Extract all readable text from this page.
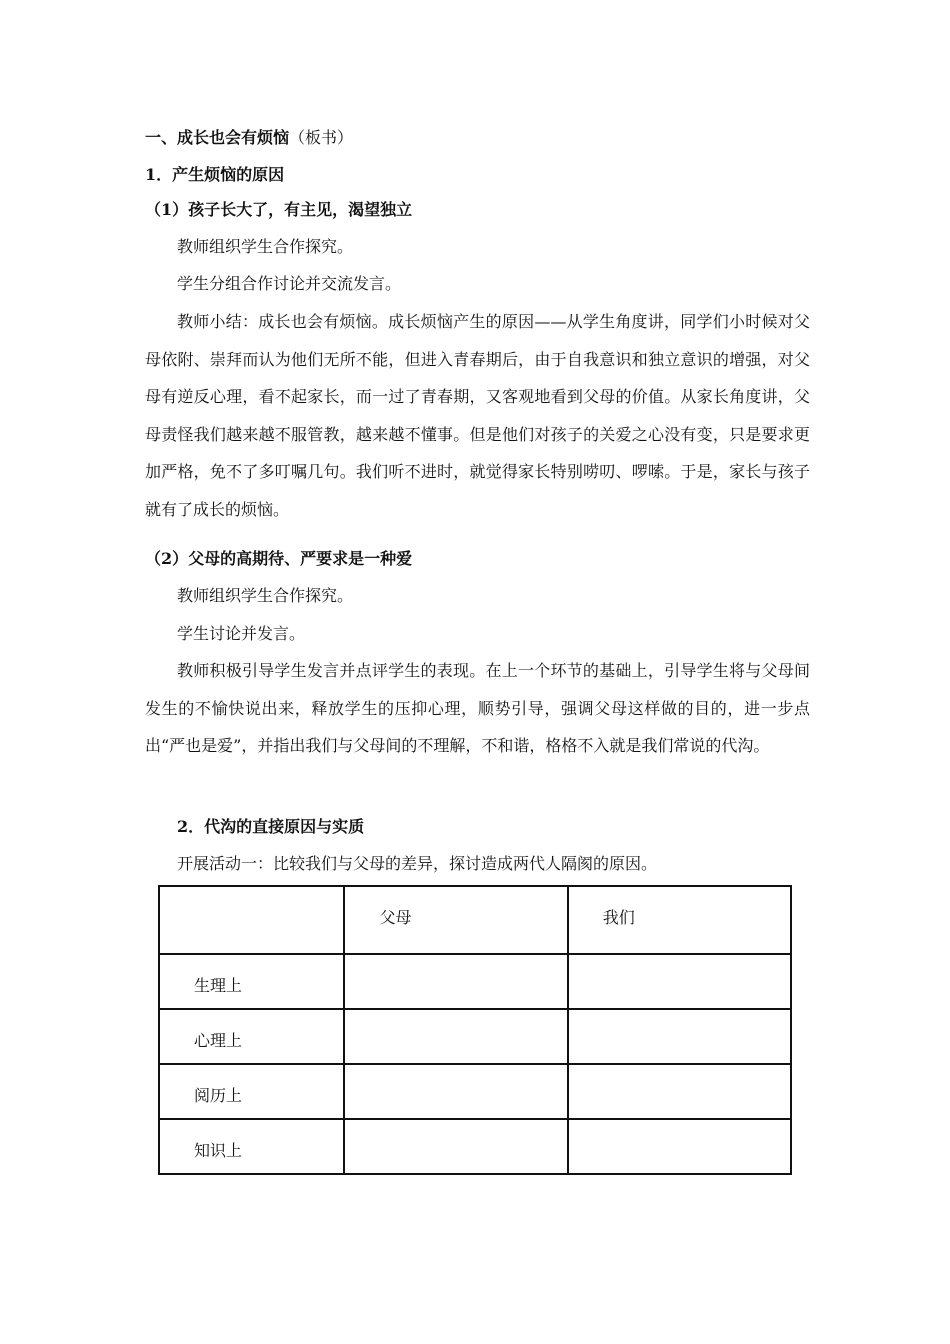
一、成长也会有烦恼（板书）
1．产生烦恼的原因
（1）孩子长大了，有主见，渴望独立
教师组织学生合作探究。
学生分组合作讨论并交流发言。

教师小结：成长也会有烦恼。成长烦恼产生的原因——从学生角度讲，同学们小时候对父母依附、崇拜而认为他们无所不能，但进入青春期后，由于自我意识和独立意识的增强，对父母有逆反心理，看不起家长，而一过了青春期，又客观地看到父母的价值。从家长角度讲，父母责怪我们越来越不服管教，越来越不懂事。但是他们对孩子的关爱之心没有变，只是要求更加严格，免不了多叮嘱几句。我们听不进时，就觉得家长特别唠叨、啰嗦。于是，家长与孩子就有了成长的烦恼。

（2）父母的高期待、严要求是一种爱
教师组织学生合作探究。
学生讨论并发言。

教师积极引导学生发言并点评学生的表现。在上一个环节的基础上，引导学生将与父母间发生的不愉快说出来，释放学生的压抑心理，顺势引导，强调父母这样做的目的，进一步点出“严也是爱”，并指出我们与父母间的不理解，不和谐，格格不入就是我们常说的代沟。

2．代沟的直接原因与实质
开展活动一：比较我们与父母的差异，探讨造成两代人隔阂的原因。
	父母	我们
生理上		
心理上		
阅历上		
知识上		
